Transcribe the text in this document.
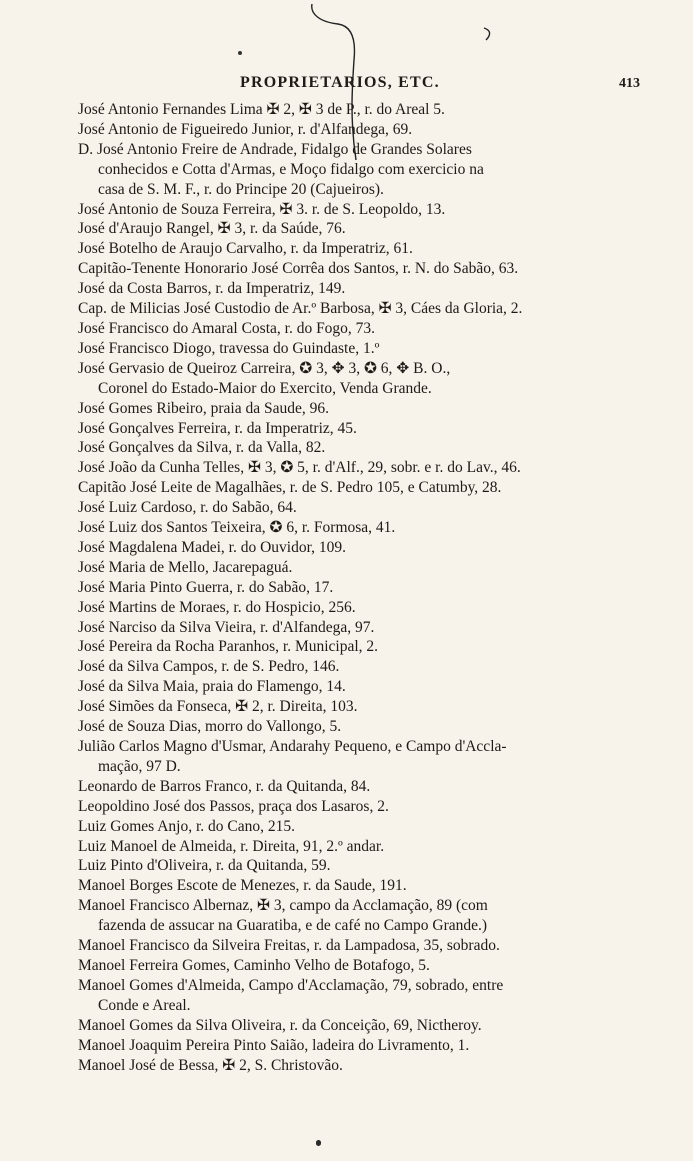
PROPRIETARIOS, ETC.	413
José Antonio Fernandes Lima ✠ 2, ✠ 3 de P., r. do Areal 5.
José Antonio de Figueiredo Junior, r. d'Alfandega, 69.
D. José Antonio Freire de Andrade, Fidalgo de Grandes Solares
conhecidos e Cotta d'Armas, e Moço fidalgo com exercicio na
casa de S. M. F., r. do Principe 20 (Cajueiros).
José Antonio de Souza Ferreira, ✠ 3. r. de S. Leopoldo, 13.
José d'Araujo Rangel, ✠ 3, r. da Saúde, 76.
José Botelho de Araujo Carvalho, r. da Imperatriz, 61.
Capitão-Tenente Honorario José Corrêa dos Santos, r. N. do Sabão, 63.
José da Costa Barros, r. da Imperatriz, 149.
Cap. de Milicias José Custodio de Ar.º Barbosa, ✠ 3, Cáes da Gloria, 2.
José Francisco do Amaral Costa, r. do Fogo, 73.
José Francisco Diogo, travessa do Guindaste, 1.º
José Gervasio de Queiroz Carreira, ✪ 3, ✥ 3, ✪ 6, ✥ B. O.,
Coronel do Estado-Maior do Exercito, Venda Grande.
José Gomes Ribeiro, praia da Saude, 96.
José Gonçalves Ferreira, r. da Imperatriz, 45.
José Gonçalves da Silva, r. da Valla, 82.
José João da Cunha Telles, ✠ 3, ✪ 5, r. d'Alf., 29, sobr. e r. do Lav., 46.
Capitão José Leite de Magalhães, r. de S. Pedro 105, e Catumby, 28.
José Luiz Cardoso, r. do Sabão, 64.
José Luiz dos Santos Teixeira, ✪ 6, r. Formosa, 41.
José Magdalena Madei, r. do Ouvidor, 109.
José Maria de Mello, Jacarepaguá.
José Maria Pinto Guerra, r. do Sabão, 17.
José Martins de Moraes, r. do Hospicio, 256.
José Narciso da Silva Vieira, r. d'Alfandega, 97.
José Pereira da Rocha Paranhos, r. Municipal, 2.
José da Silva Campos, r. de S. Pedro, 146.
José da Silva Maia, praia do Flamengo, 14.
José Simões da Fonseca, ✠ 2, r. Direita, 103.
José de Souza Dias, morro do Vallongo, 5.
Julião Carlos Magno d'Usmar, Andarahy Pequeno, e Campo d'Accla-
mação, 97 D.
Leonardo de Barros Franco, r. da Quitanda, 84.
Leopoldino José dos Passos, praça dos Lasaros, 2.
Luiz Gomes Anjo, r. do Cano, 215.
Luiz Manoel de Almeida, r. Direita, 91, 2.º andar.
Luiz Pinto d'Oliveira, r. da Quitanda, 59.
Manoel Borges Escote de Menezes, r. da Saude, 191.
Manoel Francisco Albernaz, ✠ 3, campo da Acclamação, 89 (com
fazenda de assucar na Guaratiba, e de café no Campo Grande.)
Manoel Francisco da Silveira Freitas, r. da Lampadosa, 35, sobrado.
Manoel Ferreira Gomes, Caminho Velho de Botafogo, 5.
Manoel Gomes d'Almeida, Campo d'Acclamação, 79, sobrado, entre
Conde e Areal.
Manoel Gomes da Silva Oliveira, r. da Conceição, 69, Nictheroy.
Manoel Joaquim Pereira Pinto Saião, ladeira do Livramento, 1.
Manoel José de Bessa, ✠ 2, S. Christovão.
